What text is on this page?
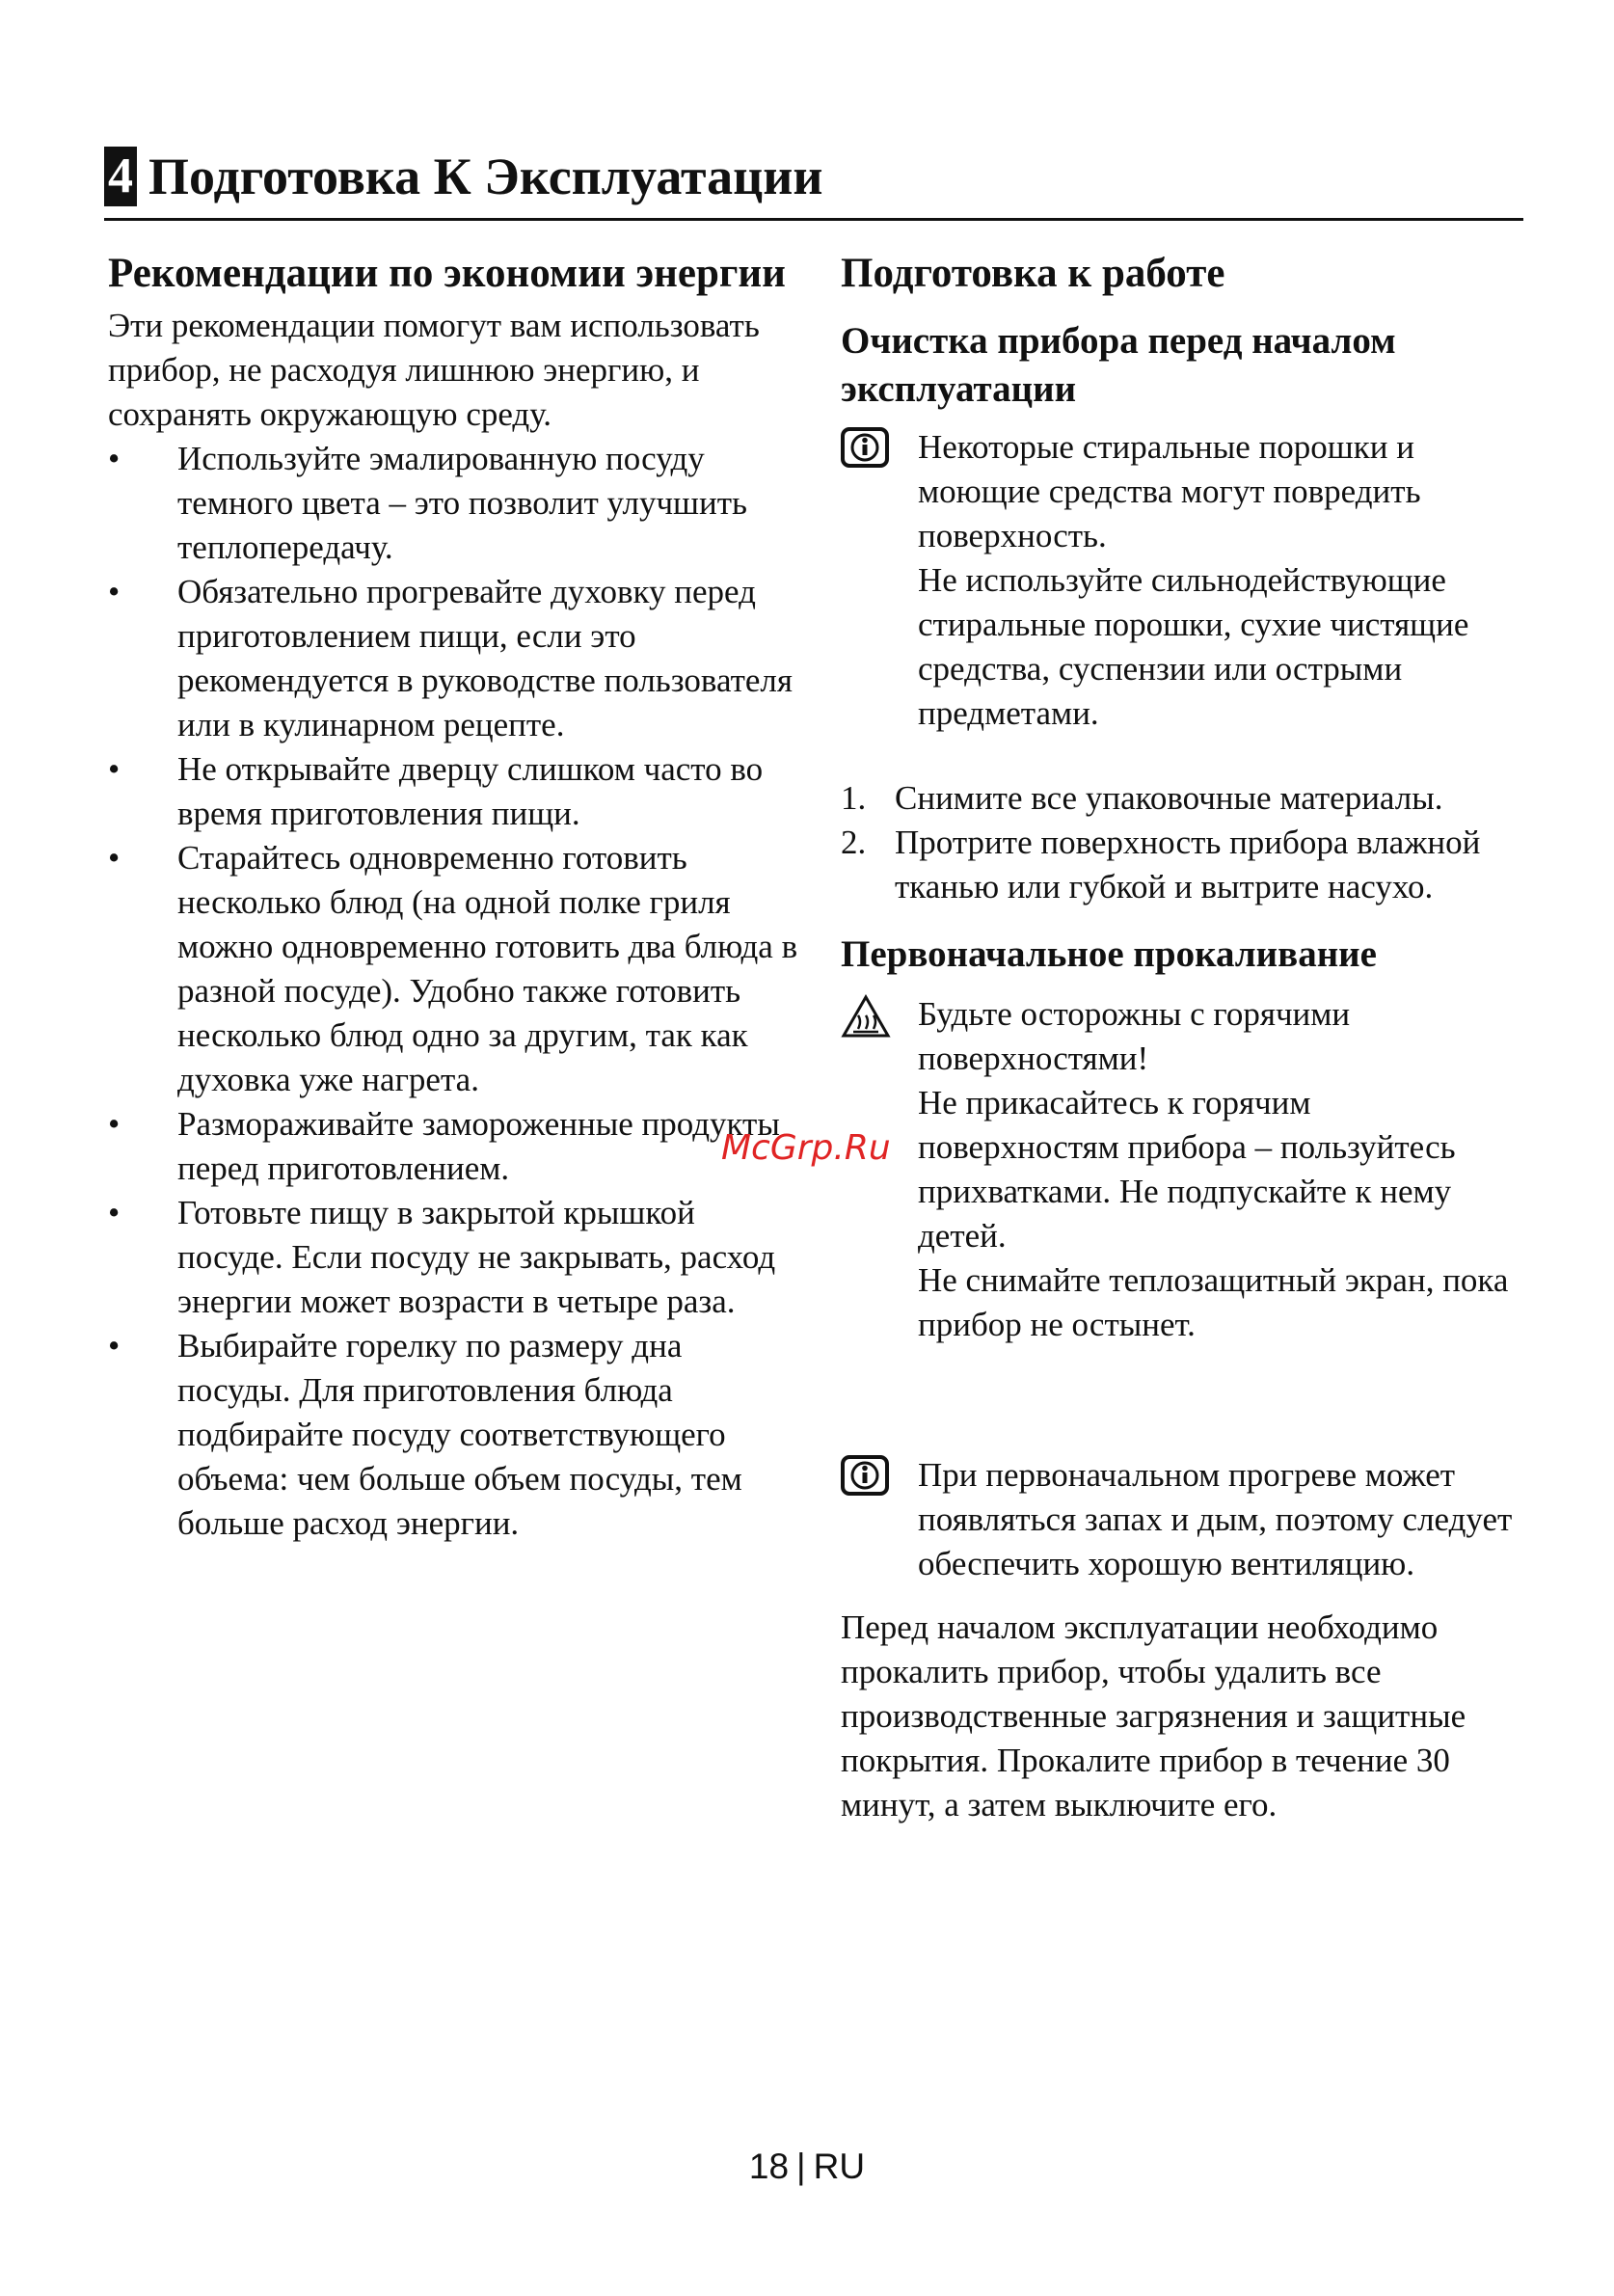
4 Подготовка К Эксплуатации
Рекомендации по экономии энергии

Эти рекомендации помогут вам использовать прибор, не расходуя лишнюю энергию, и сохранять окружающую среду.

• Используйте эмалированную посуду темного цвета – это позволит улучшить теплопередачу.
• Обязательно прогревайте духовку перед приготовлением пищи, если это рекомендуется в руководстве пользователя или в кулинарном рецепте.
• Не открывайте дверцу слишком часто во время приготовления пищи.
• Старайтесь одновременно готовить несколько блюд (на одной полке гриля можно одновременно готовить два блюда в разной посуде). Удобно также готовить несколько блюд одно за другим, так как духовка уже нагрета.
• Размораживайте замороженные продукты перед приготовлением.
• Готовьте пищу в закрытой крышкой посуде. Если посуду не закрывать, расход энергии может возрасти в четыре раза.
• Выбирайте горелку по размеру дна посуды. Для приготовления блюда подбирайте посуду соответствующего объема: чем больше объем посуды, тем больше расход энергии.
Подготовка к работе
Очистка прибора перед началом эксплуатации
Некоторые стиральные порошки и моющие средства могут повредить поверхность.
Не используйте сильнодействующие стиральные порошки, сухие чистящие средства, суспензии или острыми предметами.
1. Снимите все упаковочные материалы.
2. Протрите поверхность прибора влажной тканью или губкой и вытрите насухо.
Первоначальное прокаливание
Будьте осторожны с горячими поверхностями!
Не прикасайтесь к горячим поверхностям прибора – пользуйтесь прихватками. Не подпускайте к нему детей.
Не снимайте теплозащитный экран, пока прибор не остынет.
При первоначальном прогреве может появляться запах и дым, поэтому следует обеспечить хорошую вентиляцию.

Перед началом эксплуатации необходимо прокалить прибор, чтобы удалить все производственные загрязнения и защитные покрытия. Прокалите прибор в течение 30 минут, а затем выключите его.

McGrp.Ru
18 | RU
